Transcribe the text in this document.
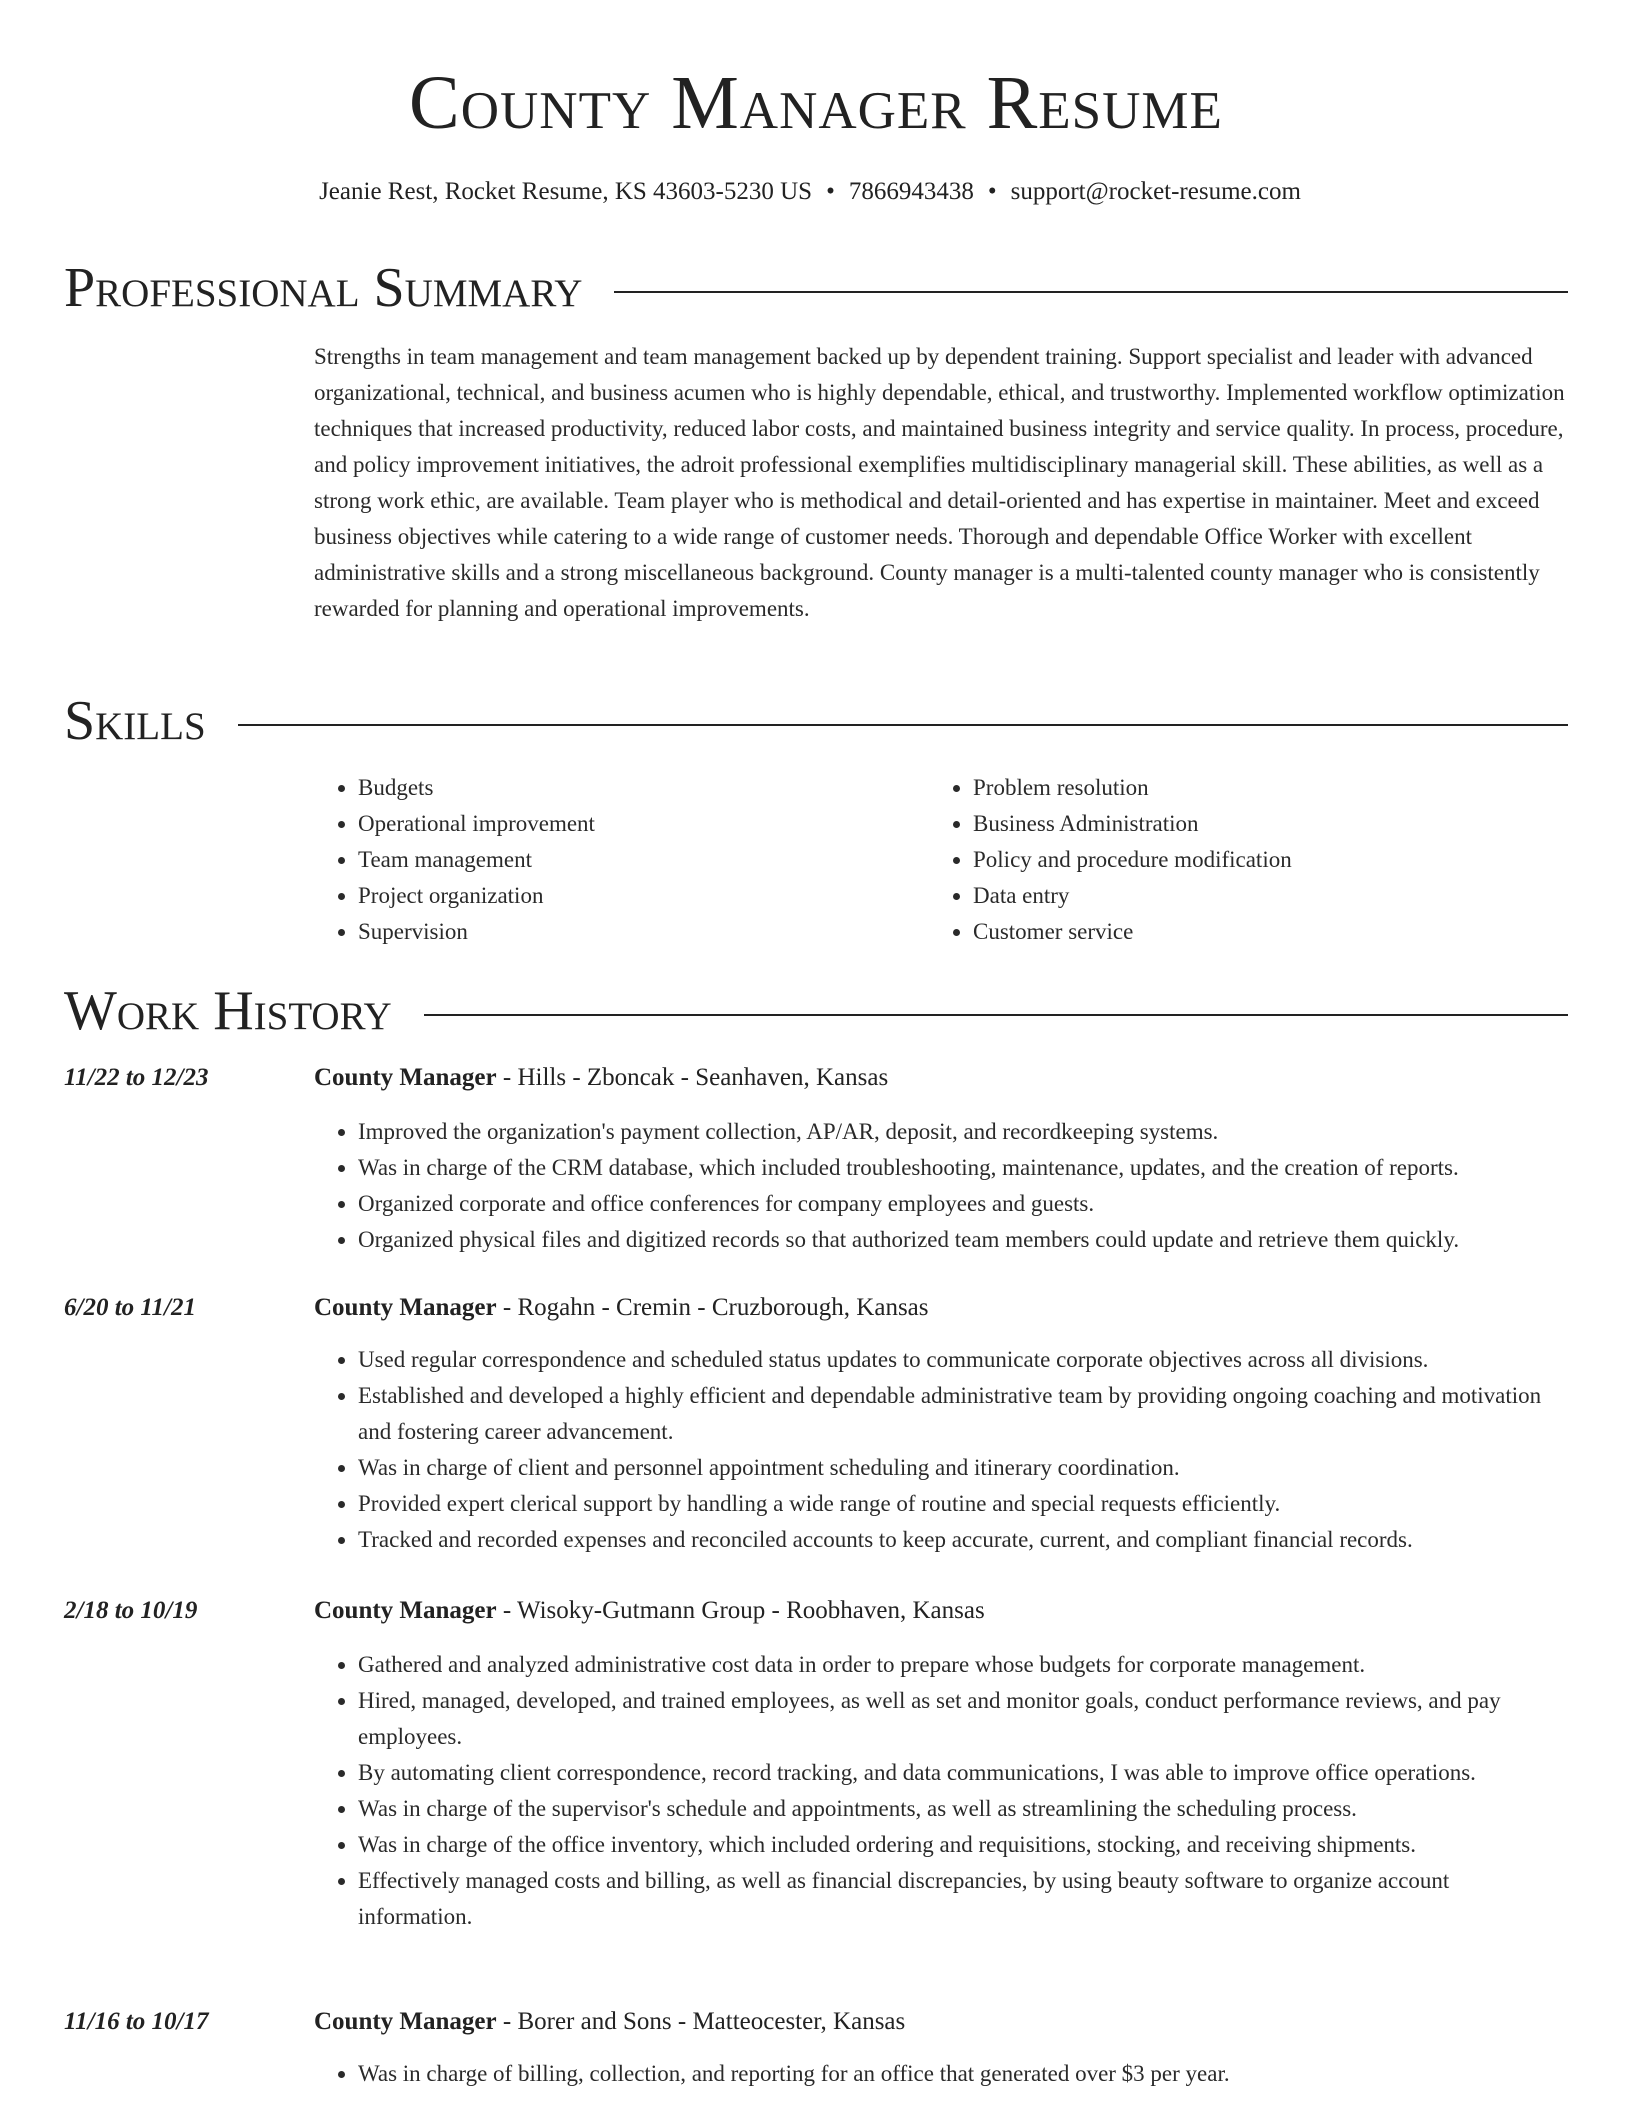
County Manager Resume
Jeanie Rest, Rocket Resume, KS 43603-5230 US • 7866943438 • support@rocket-resume.com
Professional Summary
Strengths in team management and team management backed up by dependent training. Support specialist and leader with advanced organizational, technical, and business acumen who is highly dependable, ethical, and trustworthy. Implemented workflow optimization techniques that increased productivity, reduced labor costs, and maintained business integrity and service quality. In process, procedure, and policy improvement initiatives, the adroit professional exemplifies multidisciplinary managerial skill. These abilities, as well as a strong work ethic, are available. Team player who is methodical and detail-oriented and has expertise in maintainer. Meet and exceed business objectives while catering to a wide range of customer needs. Thorough and dependable Office Worker with excellent administrative skills and a strong miscellaneous background. County manager is a multi-talented county manager who is consistently rewarded for planning and operational improvements.
Skills
• Budgets
• Operational improvement
• Team management
• Project organization
• Supervision
• Problem resolution
• Business Administration
• Policy and procedure modification
• Data entry
• Customer service
Work History
11/22 to 12/23	County Manager - Hills - Zboncak - Seanhaven, Kansas
• Improved the organization's payment collection, AP/AR, deposit, and recordkeeping systems.
• Was in charge of the CRM database, which included troubleshooting, maintenance, updates, and the creation of reports.
• Organized corporate and office conferences for company employees and guests.
• Organized physical files and digitized records so that authorized team members could update and retrieve them quickly.
6/20 to 11/21	County Manager - Rogahn - Cremin - Cruzborough, Kansas
• Used regular correspondence and scheduled status updates to communicate corporate objectives across all divisions.
• Established and developed a highly efficient and dependable administrative team by providing ongoing coaching and motivation and fostering career advancement.
• Was in charge of client and personnel appointment scheduling and itinerary coordination.
• Provided expert clerical support by handling a wide range of routine and special requests efficiently.
• Tracked and recorded expenses and reconciled accounts to keep accurate, current, and compliant financial records.
2/18 to 10/19	County Manager - Wisoky-Gutmann Group - Roobhaven, Kansas
• Gathered and analyzed administrative cost data in order to prepare whose budgets for corporate management.
• Hired, managed, developed, and trained employees, as well as set and monitor goals, conduct performance reviews, and pay employees.
• By automating client correspondence, record tracking, and data communications, I was able to improve office operations.
• Was in charge of the supervisor's schedule and appointments, as well as streamlining the scheduling process.
• Was in charge of the office inventory, which included ordering and requisitions, stocking, and receiving shipments.
• Effectively managed costs and billing, as well as financial discrepancies, by using beauty software to organize account information.
11/16 to 10/17	County Manager - Borer and Sons - Matteocester, Kansas
• Was in charge of billing, collection, and reporting for an office that generated over $3 per year.
